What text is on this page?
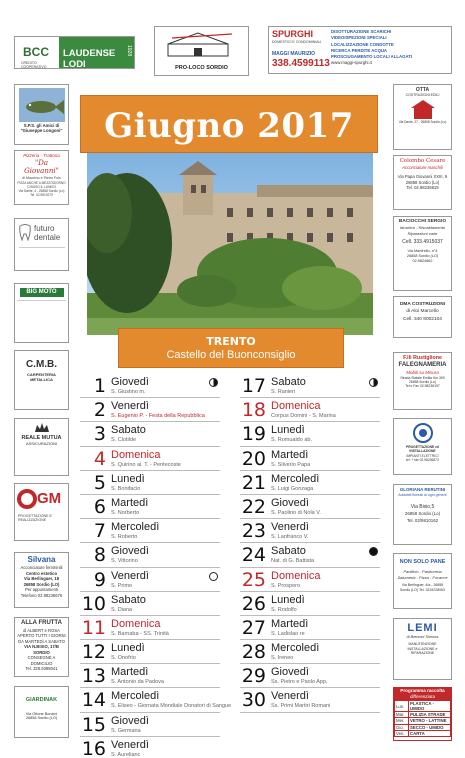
BCC
CREDITO COOPERATIVO
LAUDENSE LODI
1928
PRO-LOCO SORDIO
SPURGHI
DOMESTICI E CONDOMINIALI
MAGGI MAURIZIO
338.4599113
DISOTTURAZIONE SCARICHI
VIDEOISPEZIONI SPECIALI
LOCALIZZAZIONE CONDOTTE
RICERCA PERDITE ACQUA
PROSCIUGAMENTO LOCALI ALLAGATI
www.maggi-spurghi.it
S.P.S. gli Amici di
"Giuseppe Longoni"
Pizzeria - Trattoria
"Da Giovanni"
di Maurizio e Pietro Fois
PIZZA ANCHE A MEZZOGIORNO
CHIUSO IL LUNEDÌ
Via Dante, 4 - 26858 Sordio (Lo)
Tel. 02.9810279
futuro
dentale
BIG MOTO
C.M.B.
CARPENTERIA METALLICA
REALE MUTUA
ASSICURAZIONI
GM
PROGETTAZIONE E REALIZZAZIONE
Silvana
Acconciature femminili
Centro estetico
Via Berlinguer, 18
26858 Sordio (LO)
Per appuntamenti
Telefono 02.98236676
ALLA FRUTTA
di ALBERT e ROSA
APERTO TUTTI I GIORNI
DA MARTEDÌ A SABATO
VIA N.BIXIO, 17/B SORDIO
CONSEGNE A DOMICILIO
Tel. 328.9398041
GIARDINAK
Via Ottone Bonzini
26858 Sordio (LO)
OTTA
COSTRUZIONI EDILI
Via Dante, 27 - 26858 Sordio (Lo)
Colombo Cesare
Acconciature maschili
Via Papa Giovanni XXIII, 9
26858 Sordio (Lo)
Tel. 02.98236819
BACIOCCHI SERGIO
Idraulico - Riscaldamento
Riparazioni varie
Cell. 333.4915037
Via Martirello, n°4
26858 Sordio (LO)
02.9824662
DMA COSTRUZIONI
di Aloi Marcello
Cell. 340 8002104
F.lli Rustiglione
FALEGNAMERIA
Mobili su Misura
Strada Statale Emilia Km.309
26858 Sordio (Lo)
Tel e Fax 02.98236197
PROGETTAZIONE ed INSTALLAZIONE
IMPIANTI ELETTRICI
tel. + fax 02.98236873
GLORIANA RERUTINI
Addobbi floreali di ogni genere
Via Bixio,5
26858 Sordio (Lo)
Tel. 02/9810162
NON SOLO PANE
Panificio - Pasticceria
Salumeria - Pizza - Focacce
Via Berlinguer, 4/a - 26858
Sordio (LO) Tel. 3319228063
LEMI
di Benzoni Simona
MANUTENZIONE
INSTALLAZIONE e RIPARAZIONE
Programma raccolta
differenziata
Lun.	PLASTICA - UMIDO
Mar.	PULIZIA STRADE
Mer.	VETRO - LATTINE
Gio.	SECCO - UMIDO
Ven.	CARTA
Giugno 2017
TRENTO
Castello del Buonconsiglio
1 Giovedì
S. Giustino m.
2 Venerdì
S. Eugenio P. - Festa della Repubblica
3 Sabato
S. Clotilde
4 Domenica
S. Quirino ai. T. - Pentecoste
5 Lunedì
S. Bonifacio
6 Martedì
S. Norberto
7 Mercoledì
S. Roberto
8 Giovedì
S. Vittorino
9 Venerdì
S. Primo
10 Sabato
S. Diana
11 Domenica
S. Barnaba - SS. Trinità
12 Lunedì
S. Onofrio
13 Martedì
S. Antonio da Padova
14 Mercoledì
S. Eliseo - Giornata Mondiale Donatori di Sangue
15 Giovedì
S. Germana
16 Venerdì
S. Aurelianc
17 Sabato
S. Ranieri
18 Domenica
Corpus Domini - S. Marina
19 Lunedì
S. Romualdo ab.
20 Martedì
S. Silverio Papa
21 Mercoledì
S. Luigi Gonzaga
22 Giovedì
S. Paolino di Nola V.
23 Venerdì
S. Lanfranco V.
24 Sabato
Nat. di G. Battista
25 Domenica
S. Prospero
26 Lunedì
S. Rodolfo
27 Martedì
S. Ladislao re
28 Mercoledì
S. Ireneo
29 Giovedì
Ss. Pietro e Paolo App.
30 Venerdì
Ss. Primi Martiri Romani
